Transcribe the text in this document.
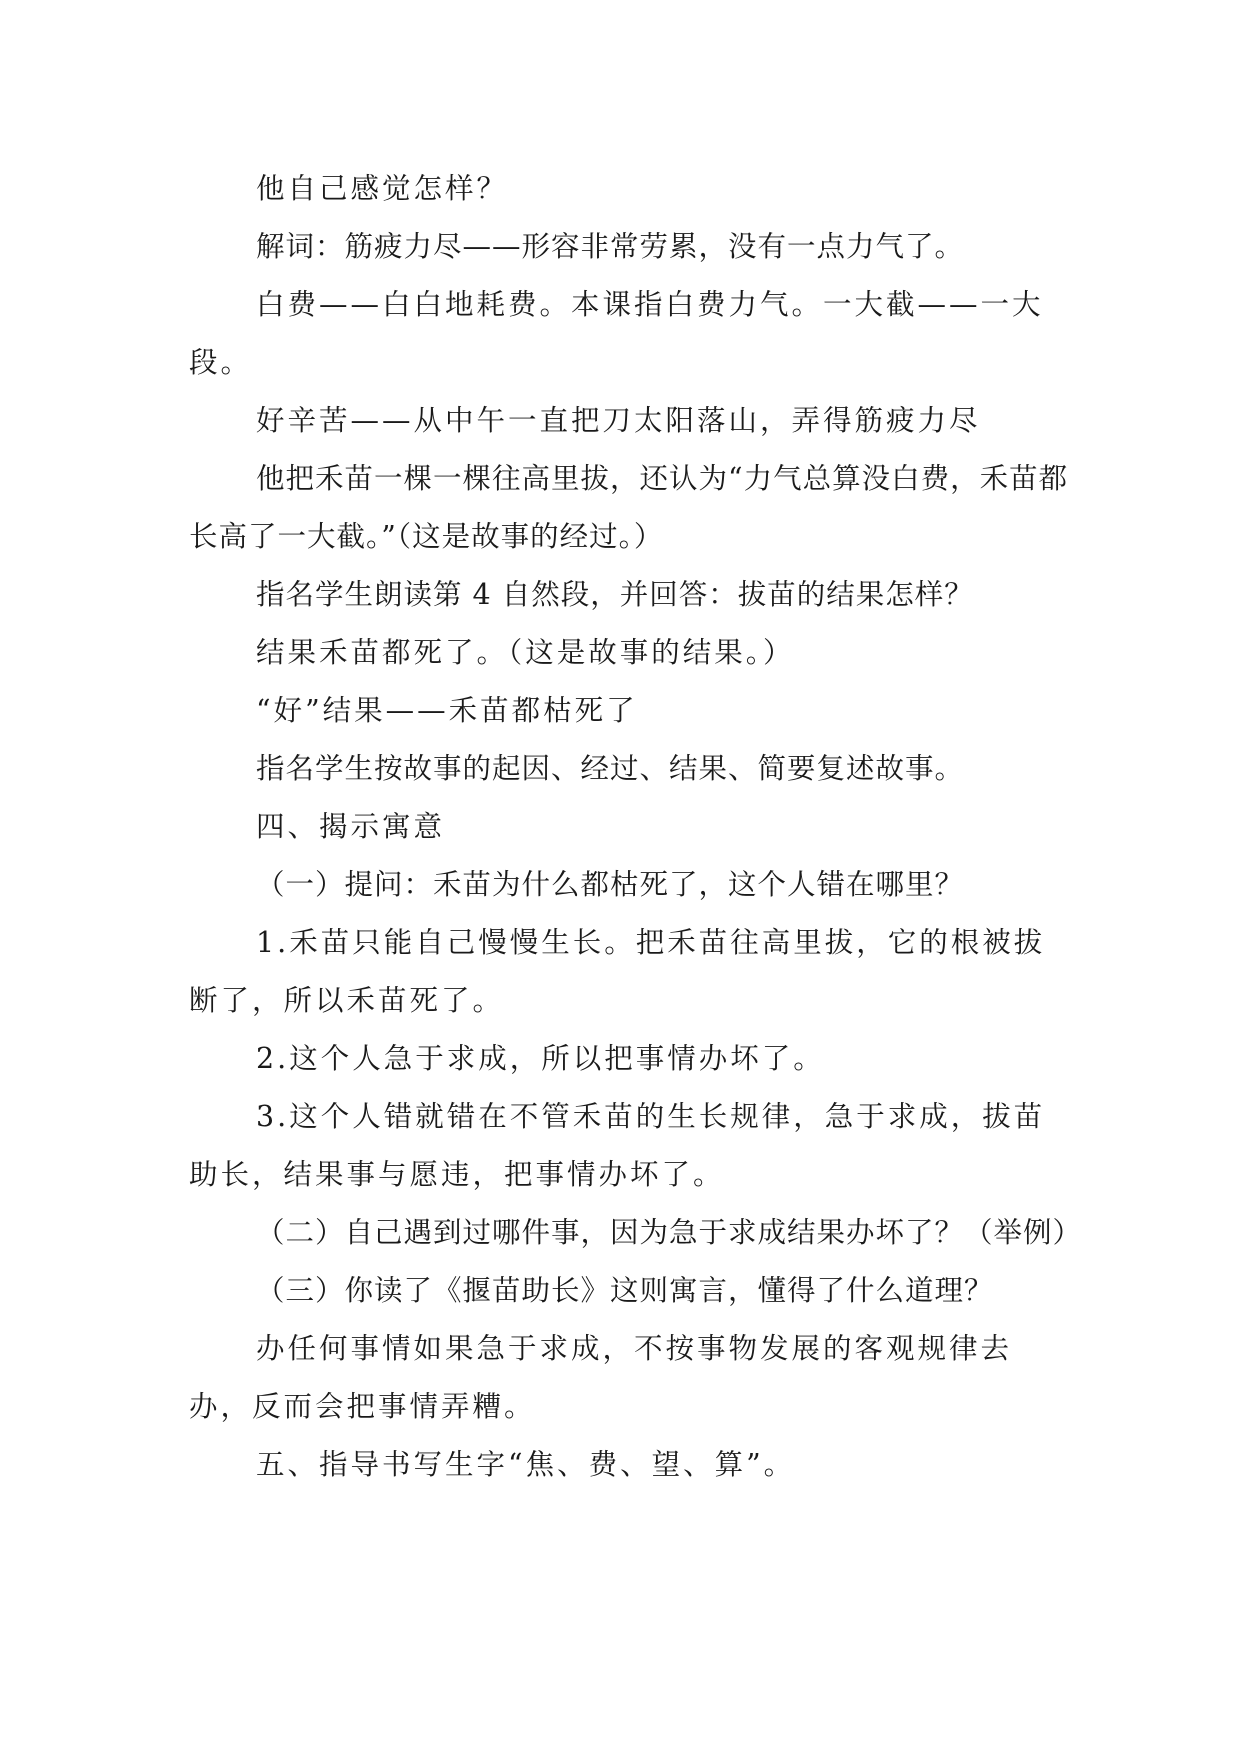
他自己感觉怎样？

解词：筋疲力尽——形容非常劳累，没有一点力气了。

白费——白白地耗费。本课指白费力气。一大截——一大段。

好辛苦——从中午一直把刀太阳落山，弄得筋疲力尽

他把禾苗一棵一棵往高里拔，还认为“力气总算没白费，禾苗都长高了一大截。”（这是故事的经过。）

指名学生朗读第 4 自然段，并回答：拔苗的结果怎样？

结果禾苗都死了。（这是故事的结果。）

“好”结果——禾苗都枯死了

指名学生按故事的起因、经过、结果、简要复述故事。

四、揭示寓意

（一）提问：禾苗为什么都枯死了，这个人错在哪里？

1.禾苗只能自己慢慢生长。把禾苗往高里拔，它的根被拔断了，所以禾苗死了。

2.这个人急于求成，所以把事情办坏了。

3.这个人错就错在不管禾苗的生长规律，急于求成，拔苗助长，结果事与愿违，把事情办坏了。

（二）自己遇到过哪件事，因为急于求成结果办坏了？（举例）

（三）你读了《揠苗助长》这则寓言，懂得了什么道理？

办任何事情如果急于求成，不按事物发展的客观规律去办，反而会把事情弄糟。

五、指导书写生字“焦、费、望、算”。
